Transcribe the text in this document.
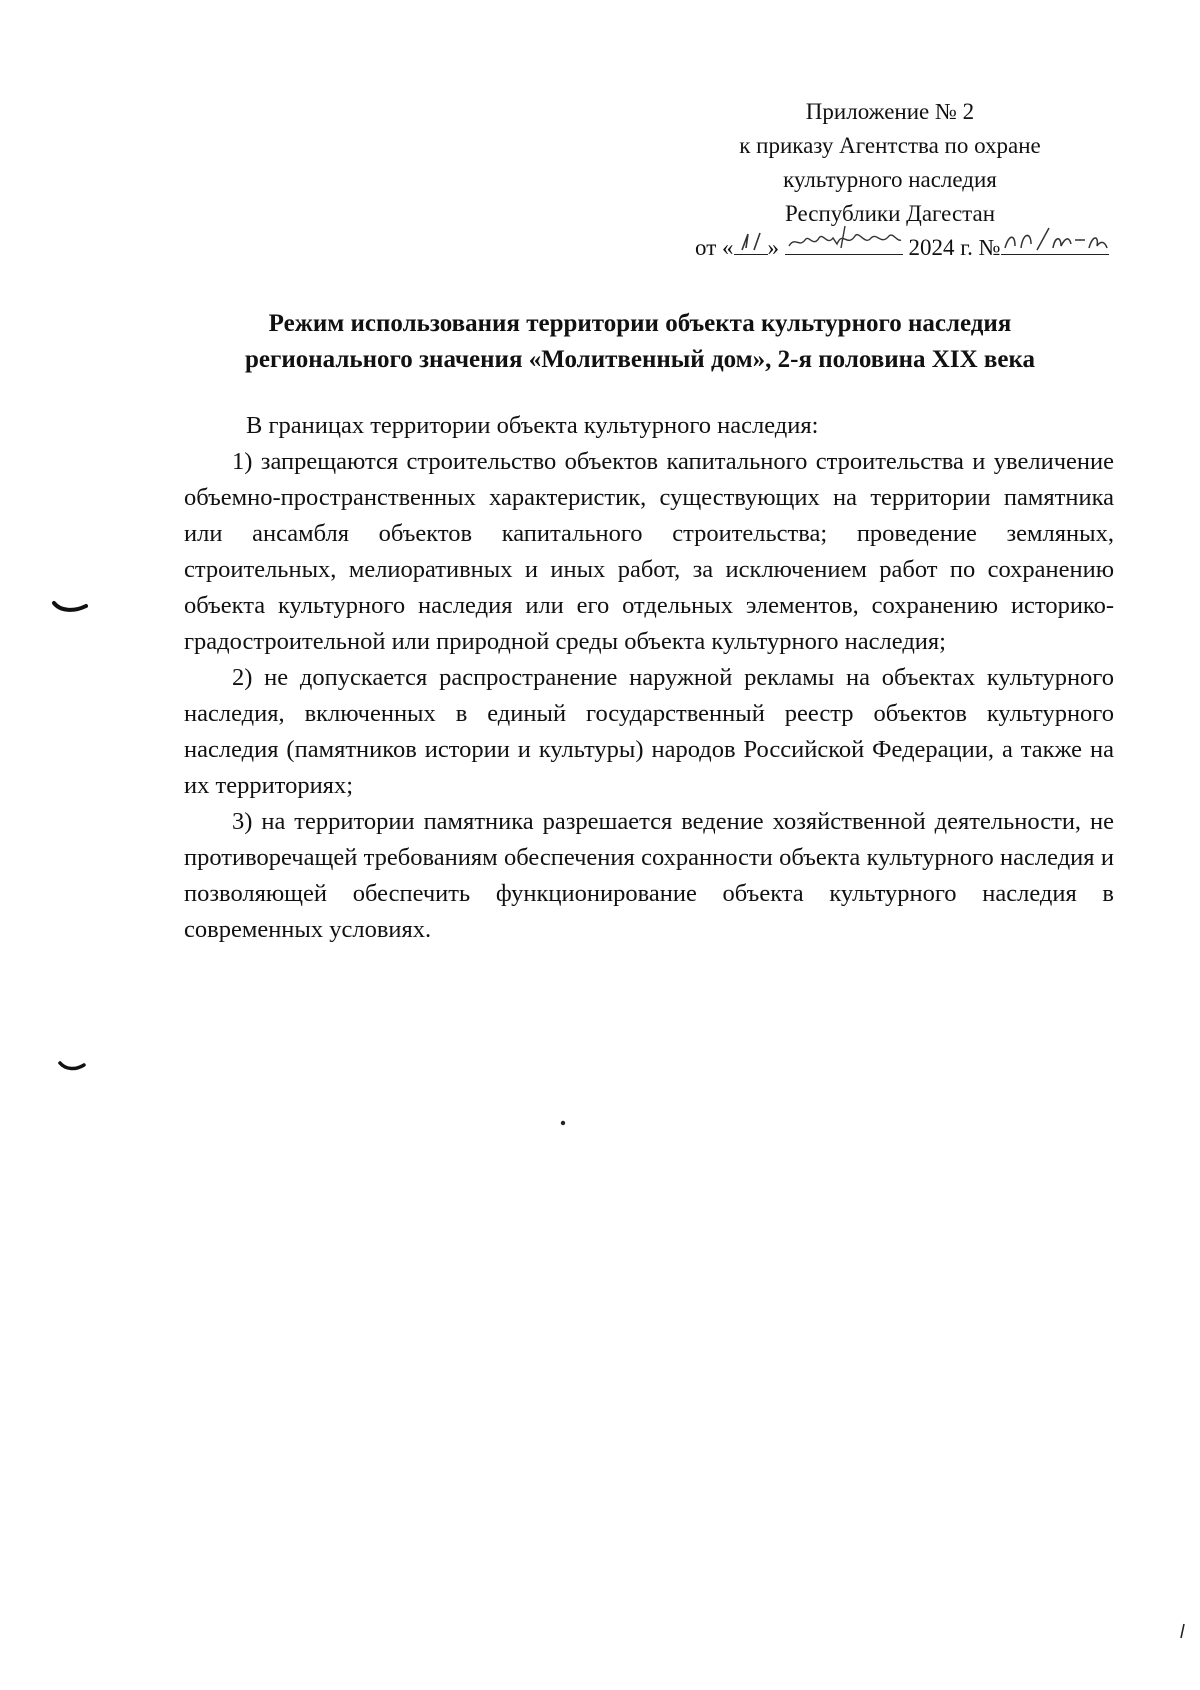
Приложение № 2
к приказу Агентства по охране
культурного наследия
Республики Дагестан
от « »	2024 г. №
Режим использования территории объекта культурного наследия
регионального значения «Молитвенный дом», 2-я половина XIX века
В границах территории объекта культурного наследия:
1) запрещаются строительство объектов капитального строительства и увеличение объемно-пространственных характеристик, существующих на территории памятника или ансамбля объектов капитального строительства; проведение земляных, строительных, мелиоративных и иных работ, за исключением работ по сохранению объекта культурного наследия или его отдельных элементов, сохранению историко-градостроительной или природной среды объекта культурного наследия;
2) не допускается распространение наружной рекламы на объектах культурного наследия, включенных в единый государственный реестр объектов культурного наследия (памятников истории и культуры) народов Российской Федерации, а также на их территориях;
3) на территории памятника разрешается ведение хозяйственной деятельности, не противоречащей требованиям обеспечения сохранности объекта культурного наследия и позволяющей обеспечить функционирование объекта культурного наследия в современных условиях.
